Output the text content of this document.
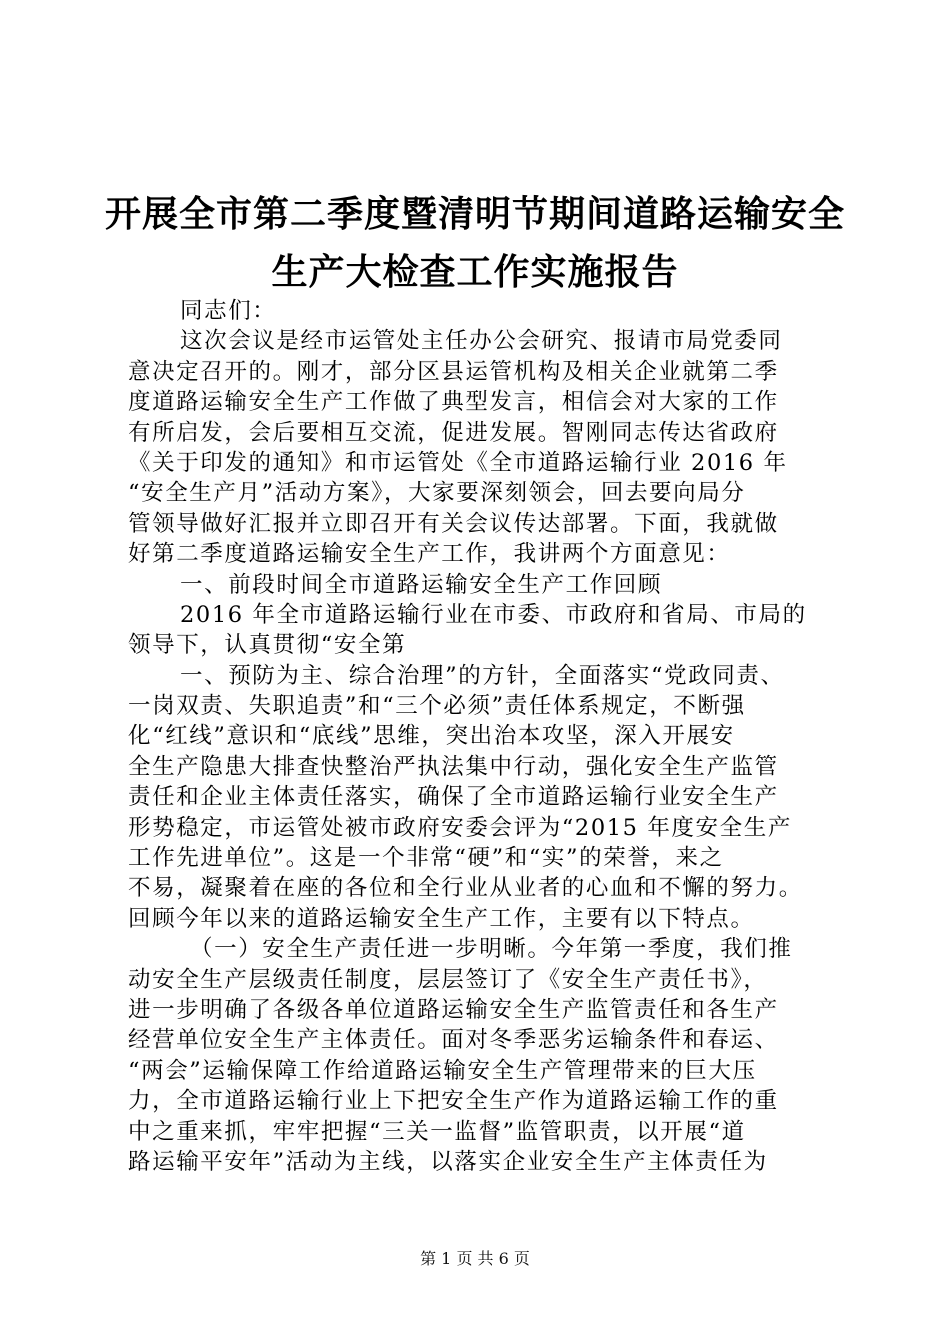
开展全市第二季度暨清明节期间道路运输安全
生产大检查工作实施报告
同志们：
这次会议是经市运管处主任办公会研究、报请市局党委同
意决定召开的。刚才，部分区县运管机构及相关企业就第二季
度道路运输安全生产工作做了典型发言，相信会对大家的工作
有所启发，会后要相互交流，促进发展。智刚同志传达省政府
《关于印发的通知》和市运管处《全市道路运输行业 2016 年
“安全生产月”活动方案》，大家要深刻领会，回去要向局分
管领导做好汇报并立即召开有关会议传达部署。下面，我就做
好第二季度道路运输安全生产工作，我讲两个方面意见：
一、前段时间全市道路运输安全生产工作回顾
2016 年全市道路运输行业在市委、市政府和省局、市局的
领导下，认真贯彻“安全第
一、预防为主、综合治理”的方针，全面落实“党政同责、
一岗双责、失职追责”和“三个必须”责任体系规定，不断强
化“红线”意识和“底线”思维，突出治本攻坚，深入开展安
全生产隐患大排查快整治严执法集中行动，强化安全生产监管
责任和企业主体责任落实，确保了全市道路运输行业安全生产
形势稳定，市运管处被市政府安委会评为“2015 年度安全生产
工作先进单位”。这是一个非常“硬”和“实”的荣誉，来之
不易，凝聚着在座的各位和全行业从业者的心血和不懈的努力。
回顾今年以来的道路运输安全生产工作，主要有以下特点。
（一）安全生产责任进一步明晰。今年第一季度，我们推
动安全生产层级责任制度，层层签订了《安全生产责任书》，
进一步明确了各级各单位道路运输安全生产监管责任和各生产
经营单位安全生产主体责任。面对冬季恶劣运输条件和春运、
“两会”运输保障工作给道路运输安全生产管理带来的巨大压
力，全市道路运输行业上下把安全生产作为道路运输工作的重
中之重来抓，牢牢把握“三关一监督”监管职责，以开展“道
路运输平安年”活动为主线，以落实企业安全生产主体责任为
第 1 页 共 6 页
